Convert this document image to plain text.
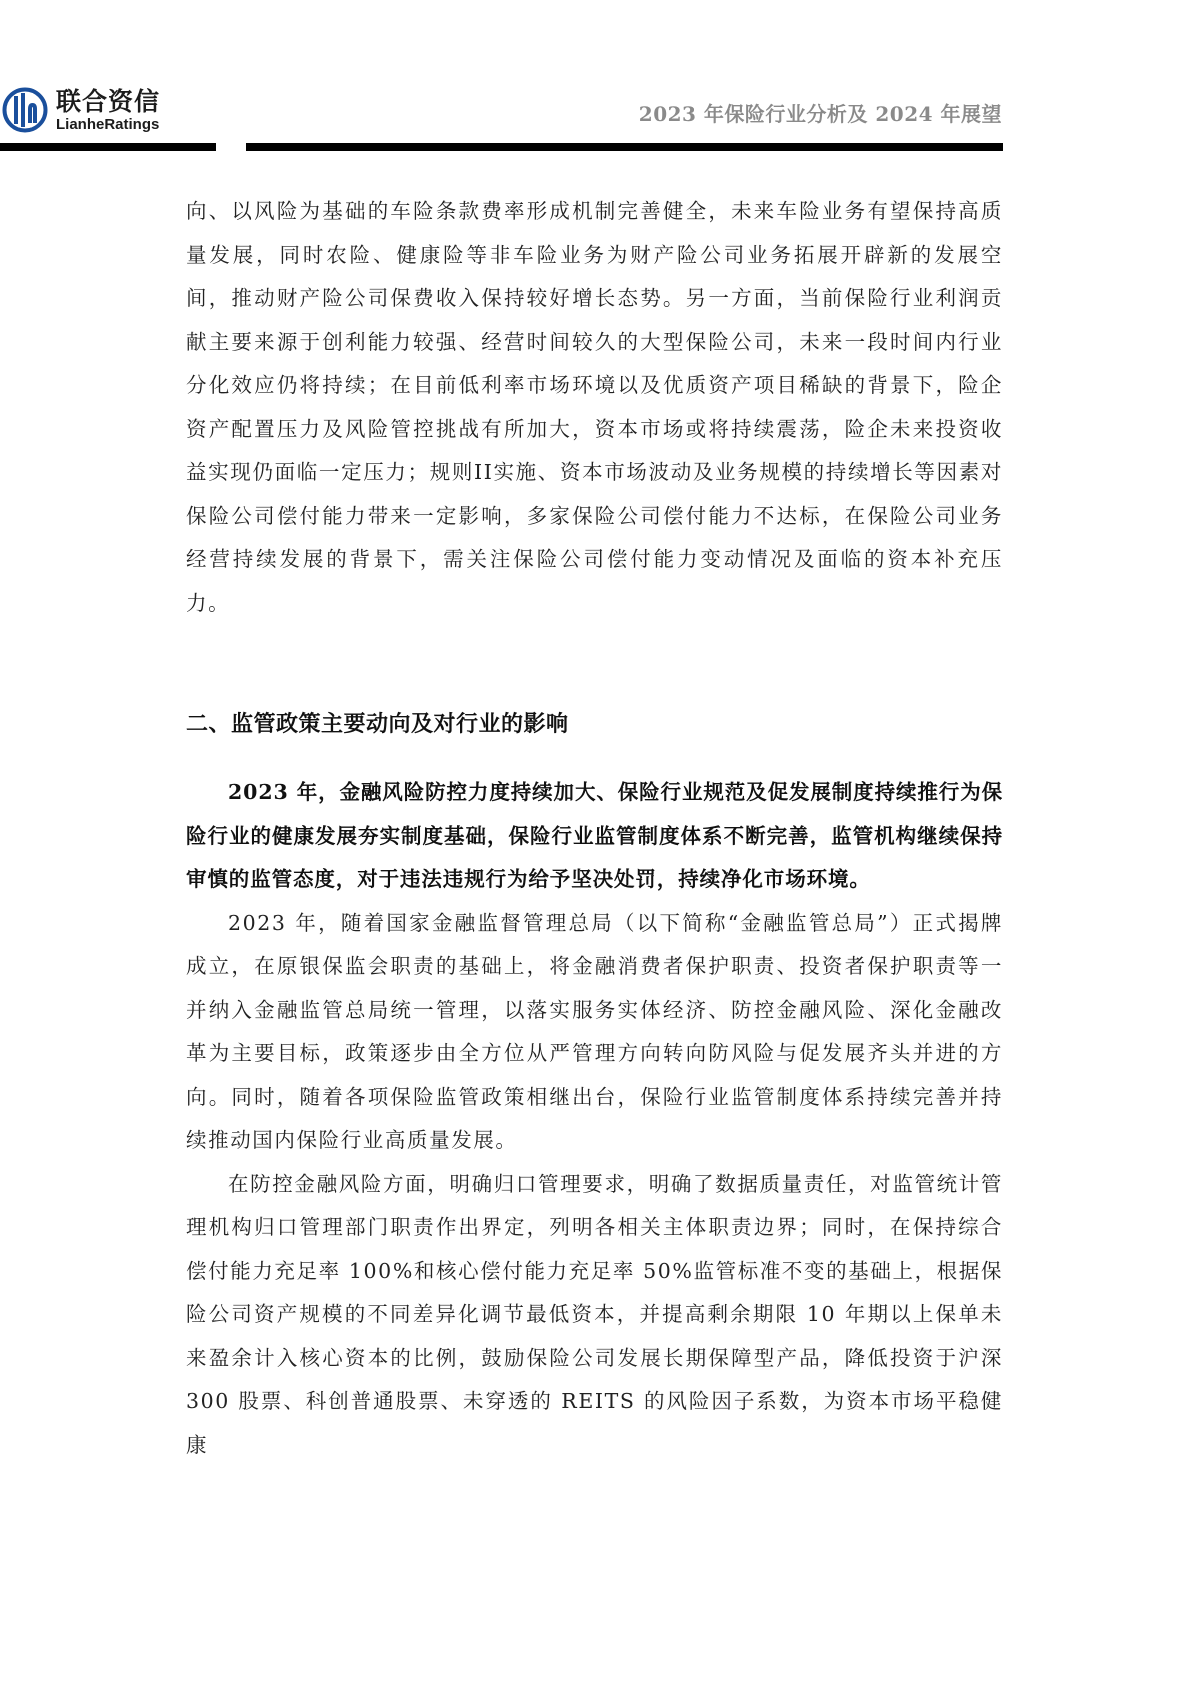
联合资信
LianheRatings	2023 年保险行业分析及 2024 年展望

向、以风险为基础的车险条款费率形成机制完善健全，未来车险业务有望保持高质量发展，同时农险、健康险等非车险业务为财产险公司业务拓展开辟新的发展空间，推动财产险公司保费收入保持较好增长态势。另一方面，当前保险行业利润贡献主要来源于创利能力较强、经营时间较久的大型保险公司，未来一段时间内行业分化效应仍将持续；在目前低利率市场环境以及优质资产项目稀缺的背景下，险企资产配置压力及风险管控挑战有所加大，资本市场或将持续震荡，险企未来投资收益实现仍面临一定压力；规则II实施、资本市场波动及业务规模的持续增长等因素对保险公司偿付能力带来一定影响，多家保险公司偿付能力不达标，在保险公司业务经营持续发展的背景下，需关注保险公司偿付能力变动情况及面临的资本补充压力。

二、监管政策主要动向及对行业的影响

2023 年，金融风险防控力度持续加大、保险行业规范及促发展制度持续推行为保险行业的健康发展夯实制度基础，保险行业监管制度体系不断完善，监管机构继续保持审慎的监管态度，对于违法违规行为给予坚决处罚，持续净化市场环境。

2023 年，随着国家金融监督管理总局（以下简称“金融监管总局”）正式揭牌成立，在原银保监会职责的基础上，将金融消费者保护职责、投资者保护职责等一并纳入金融监管总局统一管理，以落实服务实体经济、防控金融风险、深化金融改革为主要目标，政策逐步由全方位从严管理方向转向防风险与促发展齐头并进的方向。同时，随着各项保险监管政策相继出台，保险行业监管制度体系持续完善并持续推动国内保险行业高质量发展。

在防控金融风险方面，明确归口管理要求，明确了数据质量责任，对监管统计管理机构归口管理部门职责作出界定，列明各相关主体职责边界；同时，在保持综合偿付能力充足率 100%和核心偿付能力充足率 50%监管标准不变的基础上，根据保险公司资产规模的不同差异化调节最低资本，并提高剩余期限 10 年期以上保单未来盈余计入核心资本的比例，鼓励保险公司发展长期保障型产品，降低投资于沪深 300 股票、科创普通股票、未穿透的 REITS 的风险因子系数，为资本市场平稳健康
